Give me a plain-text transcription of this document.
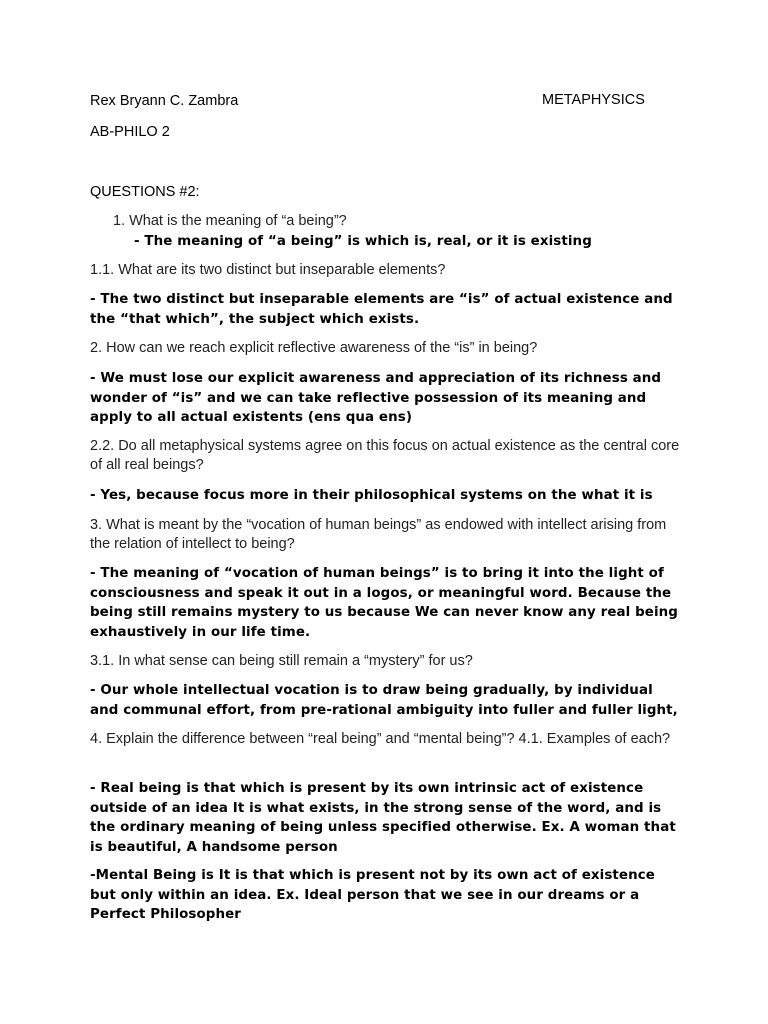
Rex Bryann C. Zambra	METAPHYSICS
AB-PHILO 2
QUESTIONS #2:
1. What is the meaning of “a being”?
- The meaning of “a being” is which is, real, or it is existing
1.1. What are its two distinct but inseparable elements?
- The two distinct but inseparable elements are “is” of actual existence and the “that which”, the subject which exists.
2. How can we reach explicit reflective awareness of the “is” in being?
- We must lose our explicit awareness and appreciation of its richness and wonder of “is” and we can take reflective possession of its meaning and apply to all actual existents (ens qua ens)
2.2. Do all metaphysical systems agree on this focus on actual existence as the central core of all real beings?
- Yes, because focus more in their philosophical systems on the what it is
3. What is meant by the “vocation of human beings” as endowed with intellect arising from the relation of intellect to being?
- The meaning of “vocation of human beings” is to bring it into the light of consciousness and speak it out in a logos, or meaningful word. Because the being still remains mystery to us because We can never know any real being exhaustively in our life time.
3.1. In what sense can being still remain a “mystery” for us?
- Our whole intellectual vocation is to draw being gradually, by individual and communal effort, from pre-rational ambiguity into fuller and fuller light,
4. Explain the difference between “real being” and “mental being”? 4.1. Examples of each?
- Real being is that which is present by its own intrinsic act of existence outside of an idea It is what exists, in the strong sense of the word, and is the ordinary meaning of being unless specified otherwise. Ex. A woman that is beautiful, A handsome person
-Mental Being is It is that which is present not by its own act of existence but only within an idea. Ex. Ideal person that we see in our dreams or a Perfect Philosopher
